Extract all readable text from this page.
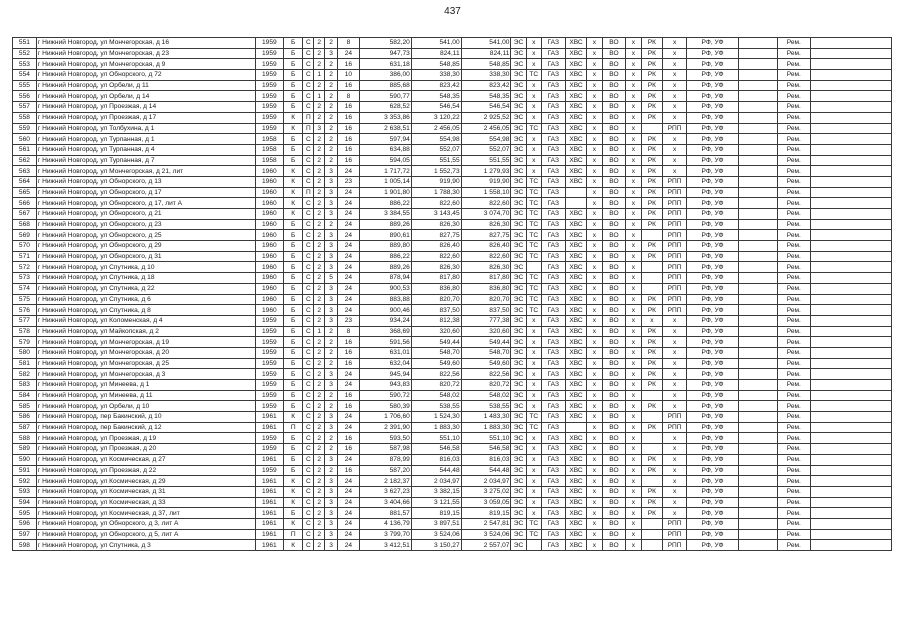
437
551	г Нижний Новгород, ул Мончегорская, д 16	1959	Б	С	2	2	8	582,20	541,00	541,00	ЭС	х	ГАЗ	ХВС	х	ВО	х	РК	х	РФ, УФ		Рем.	
552	г Нижний Новгород, ул Мончегорская, д 23	1959	Б	С	2	3	24	947,73	824,11	824,11	ЭС	х	ГАЗ	ХВС	х	ВО	х	РК	х	РФ, УФ		Рем.	
553	г Нижний Новгород, ул Мончегорская, д 9	1959	Б	С	2	2	16	631,18	548,85	548,85	ЭС	х	ГАЗ	ХВС	х	ВО	х	РК	х	РФ, УФ		Рем.	
554	г Нижний Новгород, ул Обнорского, д 72	1959	Б	С	1	2	10	386,00	338,30	338,30	ЭС	ТС	ГАЗ	ХВС	х	ВО	х	РК	х	РФ, УФ		Рем.	
555	г Нижний Новгород, ул Орбели, д 11	1959	Б	С	2	2	16	885,68	823,42	823,42	ЭС	х	ГАЗ	ХВС	х	ВО	х	РК	х	РФ, УФ		Рем.	
556	г Нижний Новгород, ул Орбели, д 14	1959	Б	С	1	2	8	590,77	548,35	548,35	ЭС	х	ГАЗ	ХВС	х	ВО	х	РК	х	РФ, УФ		Рем.	
557	г Нижний Новгород, ул Проезжая, д 14	1959	Б	С	2	2	16	628,52	546,54	546,54	ЭС	х	ГАЗ	ХВС	х	ВО	х	РК	х	РФ, УФ		Рем.	
558	г Нижний Новгород, ул Проезжая, д 17	1959	К	П	2	2	16	3 353,86	3 120,22	2 925,52	ЭС	х	ГАЗ	ХВС	х	ВО	х	РК	х	РФ, УФ		Рем.	
559	г Нижний Новгород, ул Толбухина, д 1	1959	К	П	3	2	16	2 638,51	2 456,05	2 456,05	ЭС	ТС	ГАЗ	ХВС	х	ВО	х		РПП	РФ, УФ		Рем.	
560	г Нижний Новгород, ул Турпанная, д 1	1958	Б	С	2	2	16	597,94	554,98	554,98	ЭС	х	ГАЗ	ХВС	х	ВО	х	РК	х	РФ, УФ		Рем.	
561	г Нижний Новгород, ул Турпанная, д 4	1958	Б	С	2	2	16	634,88	552,07	552,07	ЭС	х	ГАЗ	ХВС	х	ВО	х	РК	х	РФ, УФ		Рем.	
562	г Нижний Новгород, ул Турпанная, д 7	1958	Б	С	2	2	16	594,05	551,55	551,55	ЭС	х	ГАЗ	ХВС	х	ВО	х	РК	х	РФ, УФ		Рем.	
563	г Нижний Новгород, ул Мончегорская, д 21, лит	1960	К	С	2	3	24	1 717,72	1 552,73	1 279,93	ЭС	х	ГАЗ	ХВС	х	ВО	х	РК	х	РФ, УФ		Рем.	
564	г Нижний Новгород, ул Обнорского, д 13	1960	К	С	2	3	23	1 005,14	919,90	919,90	ЭС	ТС	ГАЗ	ХВС	х	ВО	х	РК	РПП	РФ, УФ		Рем.	
565	г Нижний Новгород, ул Обнорского, д 17	1960	К	П	2	3	24	1 901,80	1 788,30	1 558,10	ЭС	ТС	ГАЗ		х	ВО	х	РК	РПП	РФ, УФ		Рем.	
566	г Нижний Новгород, ул Обнорского, д 17, лит А	1960	К	С	2	3	24	886,22	822,60	822,60	ЭС	ТС	ГАЗ		х	ВО	х	РК	РПП	РФ, УФ		Рем.	
567	г Нижний Новгород, ул Обнорского, д 21	1960	К	С	2	3	24	3 384,55	3 143,45	3 074,70	ЭС	ТС	ГАЗ	ХВС	х	ВО	х	РК	РПП	РФ, УФ		Рем.	
568	г Нижний Новгород, ул Обнорского, д 23	1960	Б	С	2	2	24	889,26	826,30	826,30	ЭС	ТС	ГАЗ	ХВС	х	ВО	х	РК	РПП	РФ, УФ		Рем.	
569	г Нижний Новгород, ул Обнорского, д 25	1960	Б	С	2	3	24	890,61	827,75	827,75	ЭС	ТС	ГАЗ	ХВС	х	ВО	х		РПП	РФ, УФ		Рем.	
570	г Нижний Новгород, ул Обнорского, д 29	1960	Б	С	2	3	24	889,80	826,40	826,40	ЭС	ТС	ГАЗ	ХВС	х	ВО	х	РК	РПП	РФ, УФ		Рем.	
571	г Нижний Новгород, ул Обнорского, д 31	1960	Б	С	2	3	24	886,22	822,60	822,60	ЭС	ТС	ГАЗ	ХВС	х	ВО	х	РК	РПП	РФ, УФ		Рем.	
572	г Нижний Новгород, ул Спутника, д 10	1960	Б	С	2	3	24	889,26	826,30	826,30	ЭС		ГАЗ	ХВС	х	ВО	х		РПП	РФ, УФ		Рем.	
573	г Нижний Новгород, ул Спутника, д 18	1960	Б	С	2	5	24	878,94	817,80	817,80	ЭС	ТС	ГАЗ	ХВС	х	ВО	х		РПП	РФ, УФ		Рем.	
574	г Нижний Новгород, ул Спутника, д 22	1960	Б	С	2	3	24	900,53	836,80	836,80	ЭС	ТС	ГАЗ	ХВС	х	ВО	х		РПП	РФ, УФ		Рем.	
575	г Нижний Новгород, ул Спутника, д 6	1960	Б	С	2	3	24	883,88	820,70	820,70	ЭС	ТС	ГАЗ	ХВС	х	ВО	х	РК	РПП	РФ, УФ		Рем.	
576	г Нижний Новгород, ул Спутника, д 8	1960	Б	С	2	3	24	900,46	837,50	837,50	ЭС	ТС	ГАЗ	ХВС	х	ВО	х	РК	РПП	РФ, УФ		Рем.	
577	г Нижний Новгород, ул Коломенская, д 4	1959	Б	С	2	3	23	934,24	812,38	777,38	ЭС	х	ГАЗ	ХВС	х	ВО	х	х	х	РФ, УФ		Рем.	
578	г Нижний Новгород, ул Майкопская, д 2	1959	Б	С	1	2	8	368,69	320,60	320,60	ЭС	х	ГАЗ	ХВС	х	ВО	х	РК	х	РФ, УФ		Рем.	
579	г Нижний Новгород, ул Мончегорская, д 19	1959	Б	С	2	2	16	591,56	549,44	549,44	ЭС	х	ГАЗ	ХВС	х	ВО	х	РК	х	РФ, УФ		Рем.	
580	г Нижний Новгород, ул Мончегорская, д 20	1959	Б	С	2	2	16	631,01	548,70	548,70	ЭС	х	ГАЗ	ХВС	х	ВО	х	РК	х	РФ, УФ		Рем.	
581	г Нижний Новгород, ул Мончегорская, д 25	1959	Б	С	2	2	16	632,04	549,60	549,60	ЭС	х	ГАЗ	ХВС	х	ВО	х	РК	х	РФ, УФ		Рем.	
582	г Нижний Новгород, ул Мончегорская, д 3	1959	Б	С	2	3	24	945,94	822,56	822,56	ЭС	х	ГАЗ	ХВС	х	ВО	х	РК	х	РФ, УФ		Рем.	
583	г Нижний Новгород, ул Минеева, д 1	1959	Б	С	2	3	24	943,83	820,72	820,72	ЭС	х	ГАЗ	ХВС	х	ВО	х	РК	х	РФ, УФ		Рем.	
584	г Нижний Новгород, ул Минеева, д 11	1959	Б	С	2	2	16	590,72	548,02	548,02	ЭС	х	ГАЗ	ХВС	х	ВО	х		х	РФ, УФ		Рем.	
585	г Нижний Новгород, ул Орбели, д 10	1959	Б	С	2	2	16	580,39	538,55	538,55	ЭС	х	ГАЗ	ХВС	х	ВО	х	РК	х	РФ, УФ		Рем.	
586	г Нижний Новгород, пер Бакинский, д 10	1961	К	С	2	3	24	1 706,60	1 524,30	1 483,30	ЭС	ТС	ГАЗ	ХВС	х	ВО	х		РПП	РФ, УФ		Рем.	
587	г Нижний Новгород, пер Бакинский, д 12	1961	П	С	2	3	24	2 391,90	1 883,30	1 883,30	ЭС	ТС	ГАЗ		х	ВО	х	РК	РПП	РФ, УФ		Рем.	
588	г Нижний Новгород, ул Проезжая, д 19	1959	Б	С	2	2	16	593,50	551,10	551,10	ЭС	х	ГАЗ	ХВС	х	ВО	х		х	РФ, УФ		Рем.	
589	г Нижний Новгород, ул Проезжая, д 20	1959	Б	С	2	2	16	587,98	546,58	546,58	ЭС	х	ГАЗ	ХВС	х	ВО	х		х	РФ, УФ		Рем.	
590	г Нижний Новгород, ул Космическая, д 27	1961	Б	С	2	3	24	878,99	816,03	816,03	ЭС	х	ГАЗ	ХВС	х	ВО	х	РК	х	РФ, УФ		Рем.	
591	г Нижний Новгород, ул Проезжая, д 22	1959	Б	С	2	2	16	587,20	544,48	544,48	ЭС	х	ГАЗ	ХВС	х	ВО	х	РК	х	РФ, УФ		Рем.	
592	г Нижний Новгород, ул Космическая, д 29	1961	К	С	2	3	24	2 182,37	2 034,97	2 034,97	ЭС	х	ГАЗ	ХВС	х	ВО	х		х	РФ, УФ		Рем.	
593	г Нижний Новгород, ул Космическая, д 31	1961	К	С	2	3	24	3 627,23	3 382,15	3 275,02	ЭС	х	ГАЗ	ХВС	х	ВО	х	РК	х	РФ, УФ		Рем.	
594	г Нижний Новгород, ул Космическая, д 33	1961	К	С	2	3	24	3 404,66	3 121,55	3 059,05	ЭС	х	ГАЗ	ХВС	х	ВО	х	РК	х	РФ, УФ		Рем.	
595	г Нижний Новгород, ул Космическая, д 37, лит	1961	Б	С	2	3	24	881,57	819,15	819,15	ЭС	х	ГАЗ	ХВС	х	ВО	х	РК	х	РФ, УФ		Рем.	
596	г Нижний Новгород, ул Обнорского, д 3, лит А	1961	К	С	2	3	24	4 136,79	3 897,51	2 547,81	ЭС	ТС	ГАЗ	ХВС	х	ВО	х		РПП	РФ, УФ		Рем.	
597	г Нижний Новгород, ул Обнорского, д 5, лит А	1961	П	С	2	3	24	3 799,70	3 524,06	3 524,06	ЭС	ТС	ГАЗ	ХВС	х	ВО	х		РПП	РФ, УФ		Рем.	
598	г Нижний Новгород, ул Спутника, д 3	1961	К	С	2	3	24	3 412,51	3 150,27	2 557,07	ЭС		ГАЗ	ХВС	х	ВО	х		РПП	РФ, УФ		Рем.	
